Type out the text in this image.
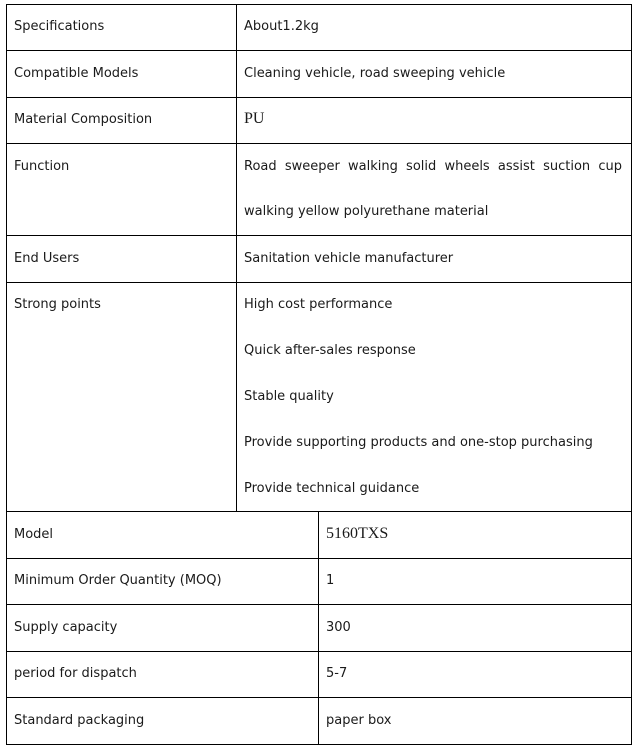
Specifications	About1.2kg
Compatible Models	Cleaning vehicle, road sweeping vehicle
Material Composition	PU
Function	Road sweeper walking solid wheels assist suction cup
walking yellow polyurethane material
End Users	Sanitation vehicle manufacturer
Strong points	High cost performance
Quick after-sales response
Stable quality
Provide supporting products and one-stop purchasing
Provide technical guidance
Model	5160TXS
Minimum Order Quantity (MOQ)	1
Supply capacity	300
period for dispatch	5-7
Standard packaging	paper box
